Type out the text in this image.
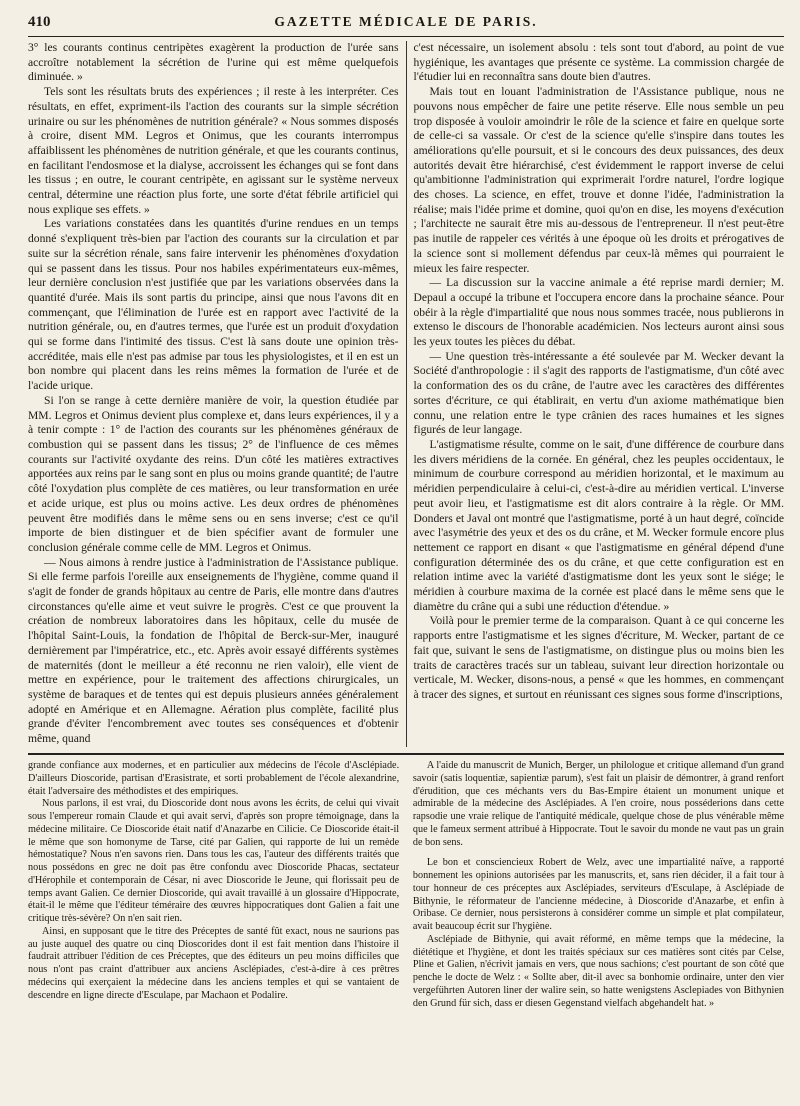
410	GAZETTE MÉDICALE DE PARIS.

3° les courants continus centripètes exagèrent la production de l'urée sans accroître notablement la sécrétion de l'urine qui est même quelquefois diminuée. »

Tels sont les résultats bruts des expériences ; il reste à les interpréter. Ces résultats, en effet, expriment-ils l'action des courants sur la simple sécrétion urinaire ou sur les phénomènes de nutrition générale? « Nous sommes disposés à croire, disent MM. Legros et Onimus, que les courants interrompus affaiblissent les phénomènes de nutrition générale, et que les courants continus, en facilitant l'endosmose et la dialyse, accroissent les échanges qui se font dans les tissus ; en outre, le courant centripète, en agissant sur le système nerveux central, détermine une réaction plus forte, une sorte d'état fébrile artificiel qui nous explique ses effets. »

Les variations constatées dans les quantités d'urine rendues en un temps donné s'expliquent très-bien par l'action des courants sur la circulation et par suite sur la sécrétion rénale, sans faire intervenir les phénomènes d'oxydation qui se passent dans les tissus. Pour nos habiles expérimentateurs eux-mêmes, leur dernière conclusion n'est justifiée que par les variations observées dans la quantité d'urée. Mais ils sont partis du principe, ainsi que nous l'avons dit en commençant, que l'élimination de l'urée est en rapport avec l'activité de la nutrition générale, ou, en d'autres termes, que l'urée est un produit d'oxydation qui se forme dans l'intimité des tissus. C'est là sans doute une opinion très-accréditée, mais elle n'est pas admise par tous les physiologistes, et il en est un bon nombre qui placent dans les reins mêmes la formation de l'urée et de l'acide urique.

Si l'on se range à cette dernière manière de voir, la question étudiée par MM. Legros et Onimus devient plus complexe et, dans leurs expériences, il y a à tenir compte : 1° de l'action des courants sur les phénomènes généraux de combustion qui se passent dans les tissus; 2° de l'influence de ces mêmes courants sur l'activité oxydante des reins. D'un côté les matières extractives apportées aux reins par le sang sont en plus ou moins grande quantité; de l'autre côté l'oxydation plus complète de ces matières, ou leur transformation en urée et acide urique, est plus ou moins active. Les deux ordres de phénomènes peuvent être modifiés dans le même sens ou en sens inverse; c'est ce qu'il importe de bien distinguer et de bien spécifier avant de formuler une conclusion générale comme celle de MM. Legros et Onimus.

— Nous aimons à rendre justice à l'administration de l'Assistance publique. Si elle ferme parfois l'oreille aux enseignements de l'hygiène, comme quand il s'agit de fonder de grands hôpitaux au centre de Paris, elle montre dans d'autres circonstances qu'elle aime et veut suivre le progrès. C'est ce que prouvent la création de nombreux laboratoires dans les hôpitaux, celle du musée de l'hôpital Saint-Louis, la fondation de l'hôpital de Berck-sur-Mer, inauguré dernièrement par l'impératrice, etc., etc. Après avoir essayé différents systèmes de maternités (dont le meilleur a été reconnu ne rien valoir), elle vient de mettre en expérience, pour le traitement des affections chirurgicales, un système de baraques et de tentes qui est depuis plusieurs années généralement adopté en Amérique et en Allemagne. Aération plus complète, facilité plus grande d'éviter l'encombrement avec toutes ses conséquences et d'obtenir même, quand

c'est nécessaire, un isolement absolu : tels sont tout d'abord, au point de vue hygiénique, les avantages que présente ce système. La commission chargée de l'étudier lui en reconnaîtra sans doute bien d'autres.

Mais tout en louant l'administration de l'Assistance publique, nous ne pouvons nous empêcher de faire une petite réserve. Elle nous semble un peu trop disposée à vouloir amoindrir le rôle de la science et faire en quelque sorte de celle-ci sa vassale. Or c'est de la science qu'elle s'inspire dans toutes les améliorations qu'elle poursuit, et si le concours des deux puissances, des deux autorités devait être hiérarchisé, c'est évidemment le rapport inverse de celui qu'ambitionne l'administration qui exprimerait l'ordre naturel, l'ordre logique des choses. La science, en effet, trouve et donne l'idée, l'administration la réalise; mais l'idée prime et domine, quoi qu'on en dise, les moyens d'exécution ; l'architecte ne saurait être mis au-dessous de l'entrepreneur. Il n'est peut-être pas inutile de rappeler ces vérités à une époque où les droits et prérogatives de la science sont si mollement défendus par ceux-là mêmes qui pourraient le mieux les faire respecter.

— La discussion sur la vaccine animale a été reprise mardi dernier; M. Depaul a occupé la tribune et l'occupera encore dans la prochaine séance. Pour obéir à la règle d'impartialité que nous nous sommes tracée, nous publierons in extenso le discours de l'honorable académicien. Nos lecteurs auront ainsi sous les yeux toutes les pièces du débat.

— Une question très-intéressante a été soulevée par M. Wecker devant la Société d'anthropologie : il s'agit des rapports de l'astigmatisme, d'un côté avec la conformation des os du crâne, de l'autre avec les caractères des différentes sortes d'écriture, ce qui établirait, en vertu d'un axiome mathématique bien connu, une relation entre le type crânien des races humaines et les signes figurés de leur langage.

L'astigmatisme résulte, comme on le sait, d'une différence de courbure dans les divers méridiens de la cornée. En général, chez les peuples occidentaux, le minimum de courbure correspond au méridien horizontal, et le maximum au méridien perpendiculaire à celui-ci, c'est-à-dire au méridien vertical. L'inverse peut avoir lieu, et l'astigmatisme est dit alors contraire à la règle. Or MM. Donders et Javal ont montré que l'astigmatisme, porté à un haut degré, coïncide avec l'asymétrie des yeux et des os du crâne, et M. Wecker formule encore plus nettement ce rapport en disant « que l'astigmatisme en général dépend d'une configuration déterminée des os du crâne, et que cette configuration est en relation intime avec la variété d'astigmatisme dont les yeux sont le siége; le méridien à courbure maxima de la cornée est placé dans le même sens que le diamètre du crâne qui a subi une réduction d'étendue. »

Voilà pour le premier terme de la comparaison. Quant à ce qui concerne les rapports entre l'astigmatisme et les signes d'écriture, M. Wecker, partant de ce fait que, suivant le sens de l'astigmatisme, on distingue plus ou moins bien les traits de caractères tracés sur un tableau, suivant leur direction horizontale ou verticale, M. Wecker, disons-nous, a pensé « que les hommes, en commençant à tracer des signes, et surtout en réunissant ces signes sous forme d'inscriptions,

grande confiance aux modernes, et en particulier aux médecins de l'école d'Asclépiade. D'ailleurs Dioscoride, partisan d'Erasistrate, et sorti probablement de l'école alexandrine, était l'adversaire des méthodistes et des empiriques.

Nous parlons, il est vrai, du Dioscoride dont nous avons les écrits, de celui qui vivait sous l'empereur romain Claude et qui avait servi, d'après son propre témoignage, dans la médecine militaire. Ce Dioscoride était natif d'Anazarbe en Cilicie. Ce Dioscoride était-il le même que son homonyme de Tarse, cité par Galien, qui rapporte de lui un remède hémostatique? Nous n'en savons rien. Dans tous les cas, l'auteur des différents traités que nous possédons en grec ne doit pas être confondu avec Dioscoride Phacas, sectateur d'Hérophile et contemporain de César, ni avec Dioscoride le Jeune, qui florissait peu de temps avant Galien. Ce dernier Dioscoride, qui avait travaillé à un glossaire d'Hippocrate, était-il le même que l'éditeur téméraire des œuvres hippocratiques dont Galien a fait une critique très-sévère? On n'en sait rien.

Ainsi, en supposant que le titre des Préceptes de santé fût exact, nous ne saurions pas au juste auquel des quatre ou cinq Dioscorides dont il est fait mention dans l'histoire il faudrait attribuer l'édition de ces Préceptes, que des éditeurs un peu moins difficiles que nous n'ont pas craint d'attribuer aux anciens Asclépiades, c'est-à-dire à ces prêtres médecins qui exerçaient la médecine dans les anciens temples et qui se vantaient de descendre en ligne directe d'Esculape, par Machaon et Podalire.

A l'aide du manuscrit de Munich, Berger, un philologue et critique allemand d'un grand savoir (satis loquentiæ, sapientiæ parum), s'est fait un plaisir de démontrer, à grand renfort d'érudition, que ces méchants vers du Bas-Empire étaient un monument unique et admirable de la médecine des Asclépiades. A l'en croire, nous posséderions dans cette rapsodie une vraie relique de l'antiquité médicale, quelque chose de plus vénérable même que le fameux serment attribué à Hippocrate. Tout le savoir du monde ne vaut pas un grain de bon sens.

Le bon et consciencieux Robert de Welz, avec une impartialité naïve, a rapporté bonnement les opinions autorisées par les manuscrits, et, sans rien décider, il a fait tour à tour honneur de ces préceptes aux Asclépiades, serviteurs d'Esculape, à Asclépiade de Bithynie, le réformateur de l'ancienne médecine, à Dioscoride d'Anazarbe, et enfin à Oribase. Ce dernier, nous persisterons à considérer comme un simple et plat compilateur, avait beaucoup écrit sur l'hygiène.

Asclépiade de Bithynie, qui avait réformé, en même temps que la médecine, la diététique et l'hygiène, et dont les traités spéciaux sur ces matières sont cités par Celse, Pline et Galien, n'écrivit jamais en vers, que nous sachions; c'est pourtant de son côté que penche le docte de Welz : « Sollte aber, dit-il avec sa bonhomie ordinaire, unter den vier vergeführten Autoren liner der walire sein, so hatte wenigstens Asclepiades von Bithynien den Grund für sich, dass er diesen Gegenstand vielfach abgehandelt hat. »
